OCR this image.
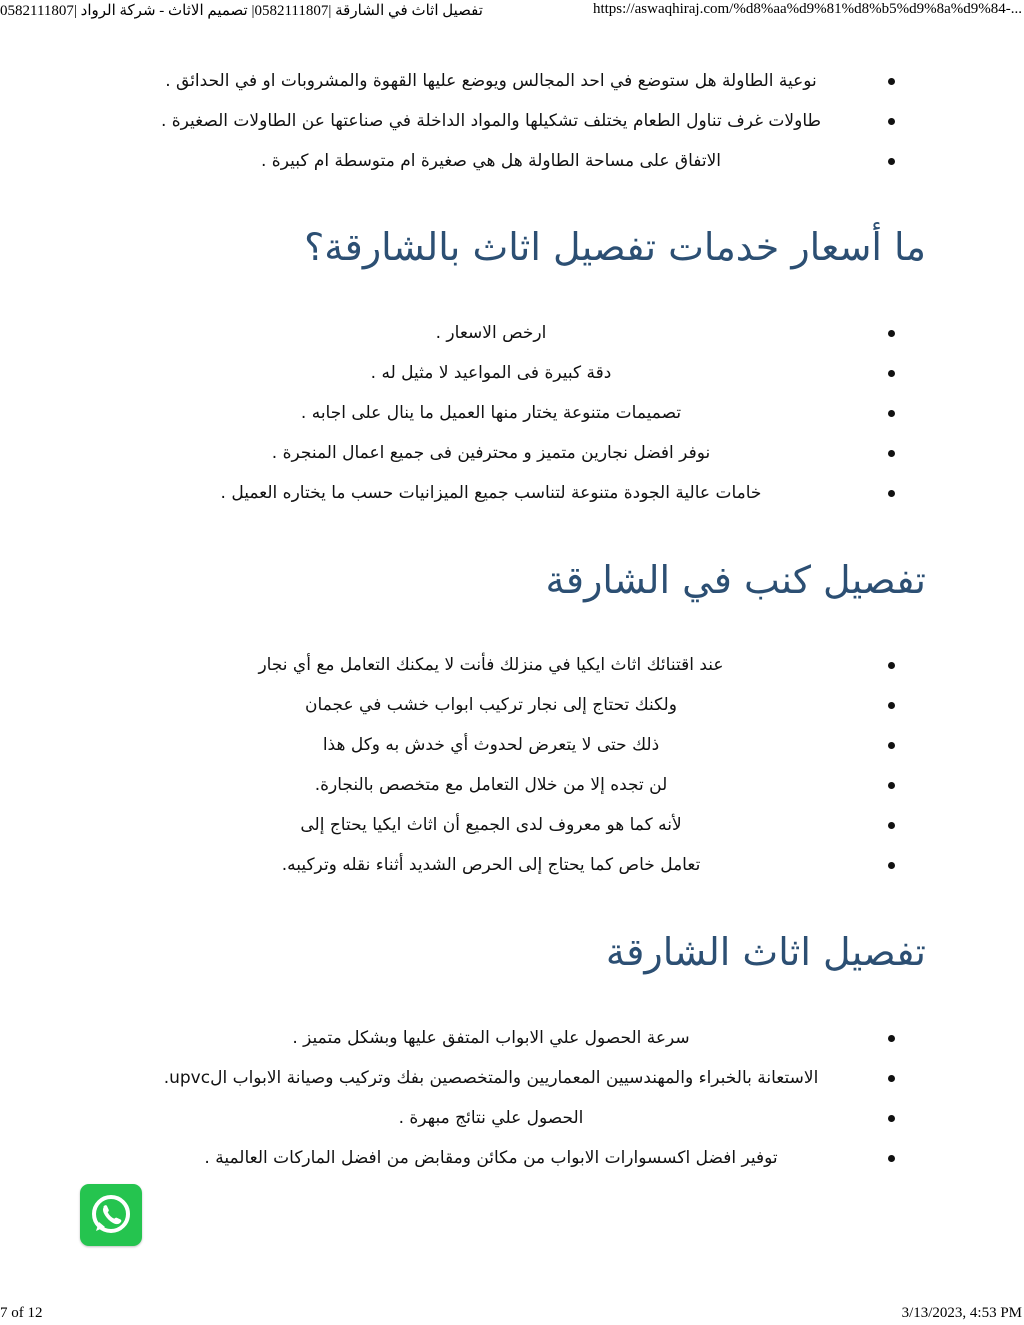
تفصيل اثاث في الشارقة |0582111807| تصميم الاثاث - شركة الرواد |0582111807	https://aswaqhiraj.com/%d8%aa%d9%81%d8%b5%d9%8a%d9%84-...
نوعية الطاولة هل ستوضع في احد المجالس ويوضع عليها القهوة والمشروبات او في الحدائق .
طاولات غرف تناول الطعام يختلف تشكيلها والمواد الداخلة في صناعتها عن الطاولات الصغيرة .
الاتفاق على مساحة الطاولة هل هي صغيرة ام متوسطة ام كبيرة .
ما أسعار خدمات تفصيل اثاث بالشارقة؟
ارخص الاسعار .
دقة كبيرة فى المواعيد لا مثيل له .
تصميمات متنوعة يختار منها العميل ما ينال على اجابه .
نوفر افضل نجارين متميز و محترفين فى جميع اعمال المنجرة .
خامات عالية الجودة متنوعة لتناسب جميع الميزانيات حسب ما يختاره العميل .
تفصيل كنب في الشارقة
عند اقتنائك اثاث ايكيا في منزلك فأنت لا يمكنك التعامل مع أي نجار
ولكنك تحتاج إلى نجار تركيب ابواب خشب في عجمان
ذلك حتى لا يتعرض لحدوث أي خدش به وكل هذا
لن تجده إلا من خلال التعامل مع متخصص بالنجارة.
لأنه كما هو معروف لدى الجميع أن اثاث ايكيا يحتاج إلى
تعامل خاص كما يحتاج إلى الحرص الشديد أثناء نقله وتركيبه.
تفصيل اثاث الشارقة
سرعة الحصول علي الابواب المتفق عليها وبشكل متميز .
الاستعانة بالخبراء والمهندسيين المعماريين والمتخصصين بفك وتركيب وصيانة الابواب الupvc.
الحصول علي نتائج مبهرة .
توفير افضل اكسسوارات الابواب من مكائن ومقابض من افضل الماركات العالمية .
7 of 12	3/13/2023, 4:53 PM
